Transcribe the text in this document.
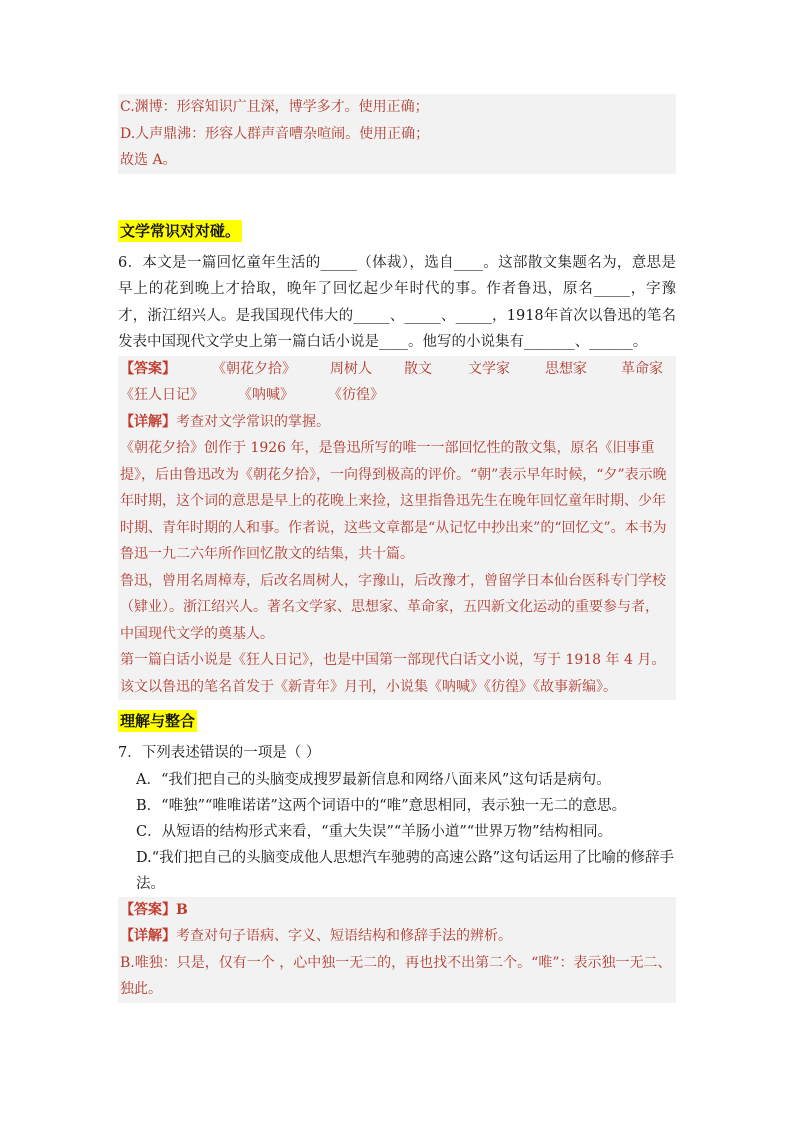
C.渊博：形容知识广且深，博学多才。使用正确；

D.人声鼎沸：形容人群声音嘈杂喧闹。使用正确；

故选 A。

文学常识对对碰。

6．本文是一篇回忆童年生活的_____（体裁），选自____。这部散文集题名为，意思是早上的花到晚上才拾取，晚年了回忆起少年时代的事。作者鲁迅，原名_____，字豫才，浙江绍兴人。是我国现代伟大的_____、_____、_____，1918年首次以鲁迅的笔名发表中国现代文学史上第一篇白话小说是____。他写的小说集有_______、______。

【答案】	《朝花夕拾》	周树人	散文	文学家	思想家	革命家
《狂人日记》	《呐喊》	《彷徨》

【详解】考查对文学常识的掌握。

《朝花夕拾》创作于 1926 年，是鲁迅所写的唯一一部回忆性的散文集，原名《旧事重提》，后由鲁迅改为《朝花夕拾》，一向得到极高的评价。“朝”表示早年时候，“夕”表示晚年时期，这个词的意思是早上的花晚上来捡，这里指鲁迅先生在晚年回忆童年时期、少年时期、青年时期的人和事。作者说，这些文章都是“从记忆中抄出来”的“回忆文”。本书为鲁迅一九二六年所作回忆散文的结集，共十篇。

鲁迅，曾用名周樟寿，后改名周树人，字豫山，后改豫才，曾留学日本仙台医科专门学校（肄业）。浙江绍兴人。著名文学家、思想家、革命家，五四新文化运动的重要参与者，中国现代文学的奠基人。

第一篇白话小说是《狂人日记》，也是中国第一部现代白话文小说，写于 1918 年 4 月。该文以鲁迅的笔名首发于《新青年》月刊，小说集《呐喊》《彷徨》《故事新编》。

理解与整合

7．下列表述错误的一项是（ ）

A．“我们把自己的头脑变成搜罗最新信息和网络八面来风”这句话是病句。

B．“唯独”“唯唯诺诺”这两个词语中的“唯”意思相同，表示独一无二的意思。

C．从短语的结构形式来看，“重大失误”“羊肠小道”“世界万物”结构相同。

D.“我们把自己的头脑变成他人思想汽车驰骋的高速公路”这句话运用了比喻的修辞手法。

【答案】B

【详解】考查对句子语病、字义、短语结构和修辞手法的辨析。

B.唯独：只是，仅有一个 ，心中独一无二的，再也找不出第二个。“唯”：表示独一无二、独此。
